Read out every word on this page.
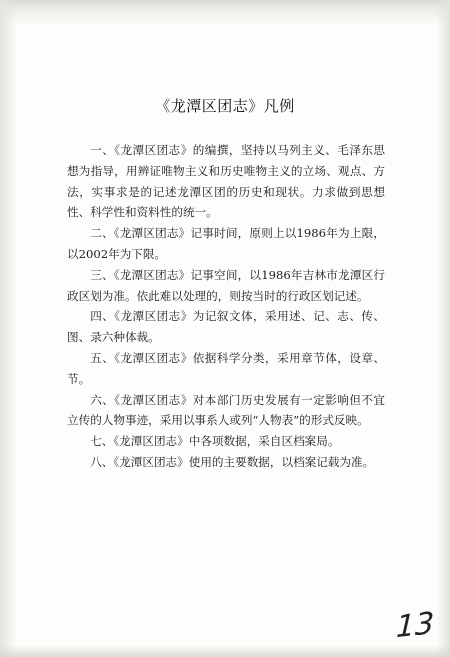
《龙潭区团志》凡例

一、《龙潭区团志》的编撰，坚持以马列主义、毛泽东思想为指导，用辨证唯物主义和历史唯物主义的立场、观点、方法，实事求是的记述龙潭区团的历史和现状。力求做到思想性、科学性和资料性的统一。

二、《龙潭区团志》记事时间，原则上以1986年为上限，以2002年为下限。

三、《龙潭区团志》记事空间，以1986年吉林市龙潭区行政区划为准。依此难以处理的，则按当时的行政区划记述。

四、《龙潭区团志》为记叙文体，采用述、记、志、传、图、录六种体裁。

五、《龙潭区团志》依据科学分类，采用章节体，设章、节。

六、《龙潭区团志》对本部门历史发展有一定影响但不宜立传的人物事迹，采用以事系人或列“人物表”的形式反映。

七、《龙潭区团志》中各项数据，采自区档案局。

八、《龙潭区团志》使用的主要数据，以档案记载为准。

13
